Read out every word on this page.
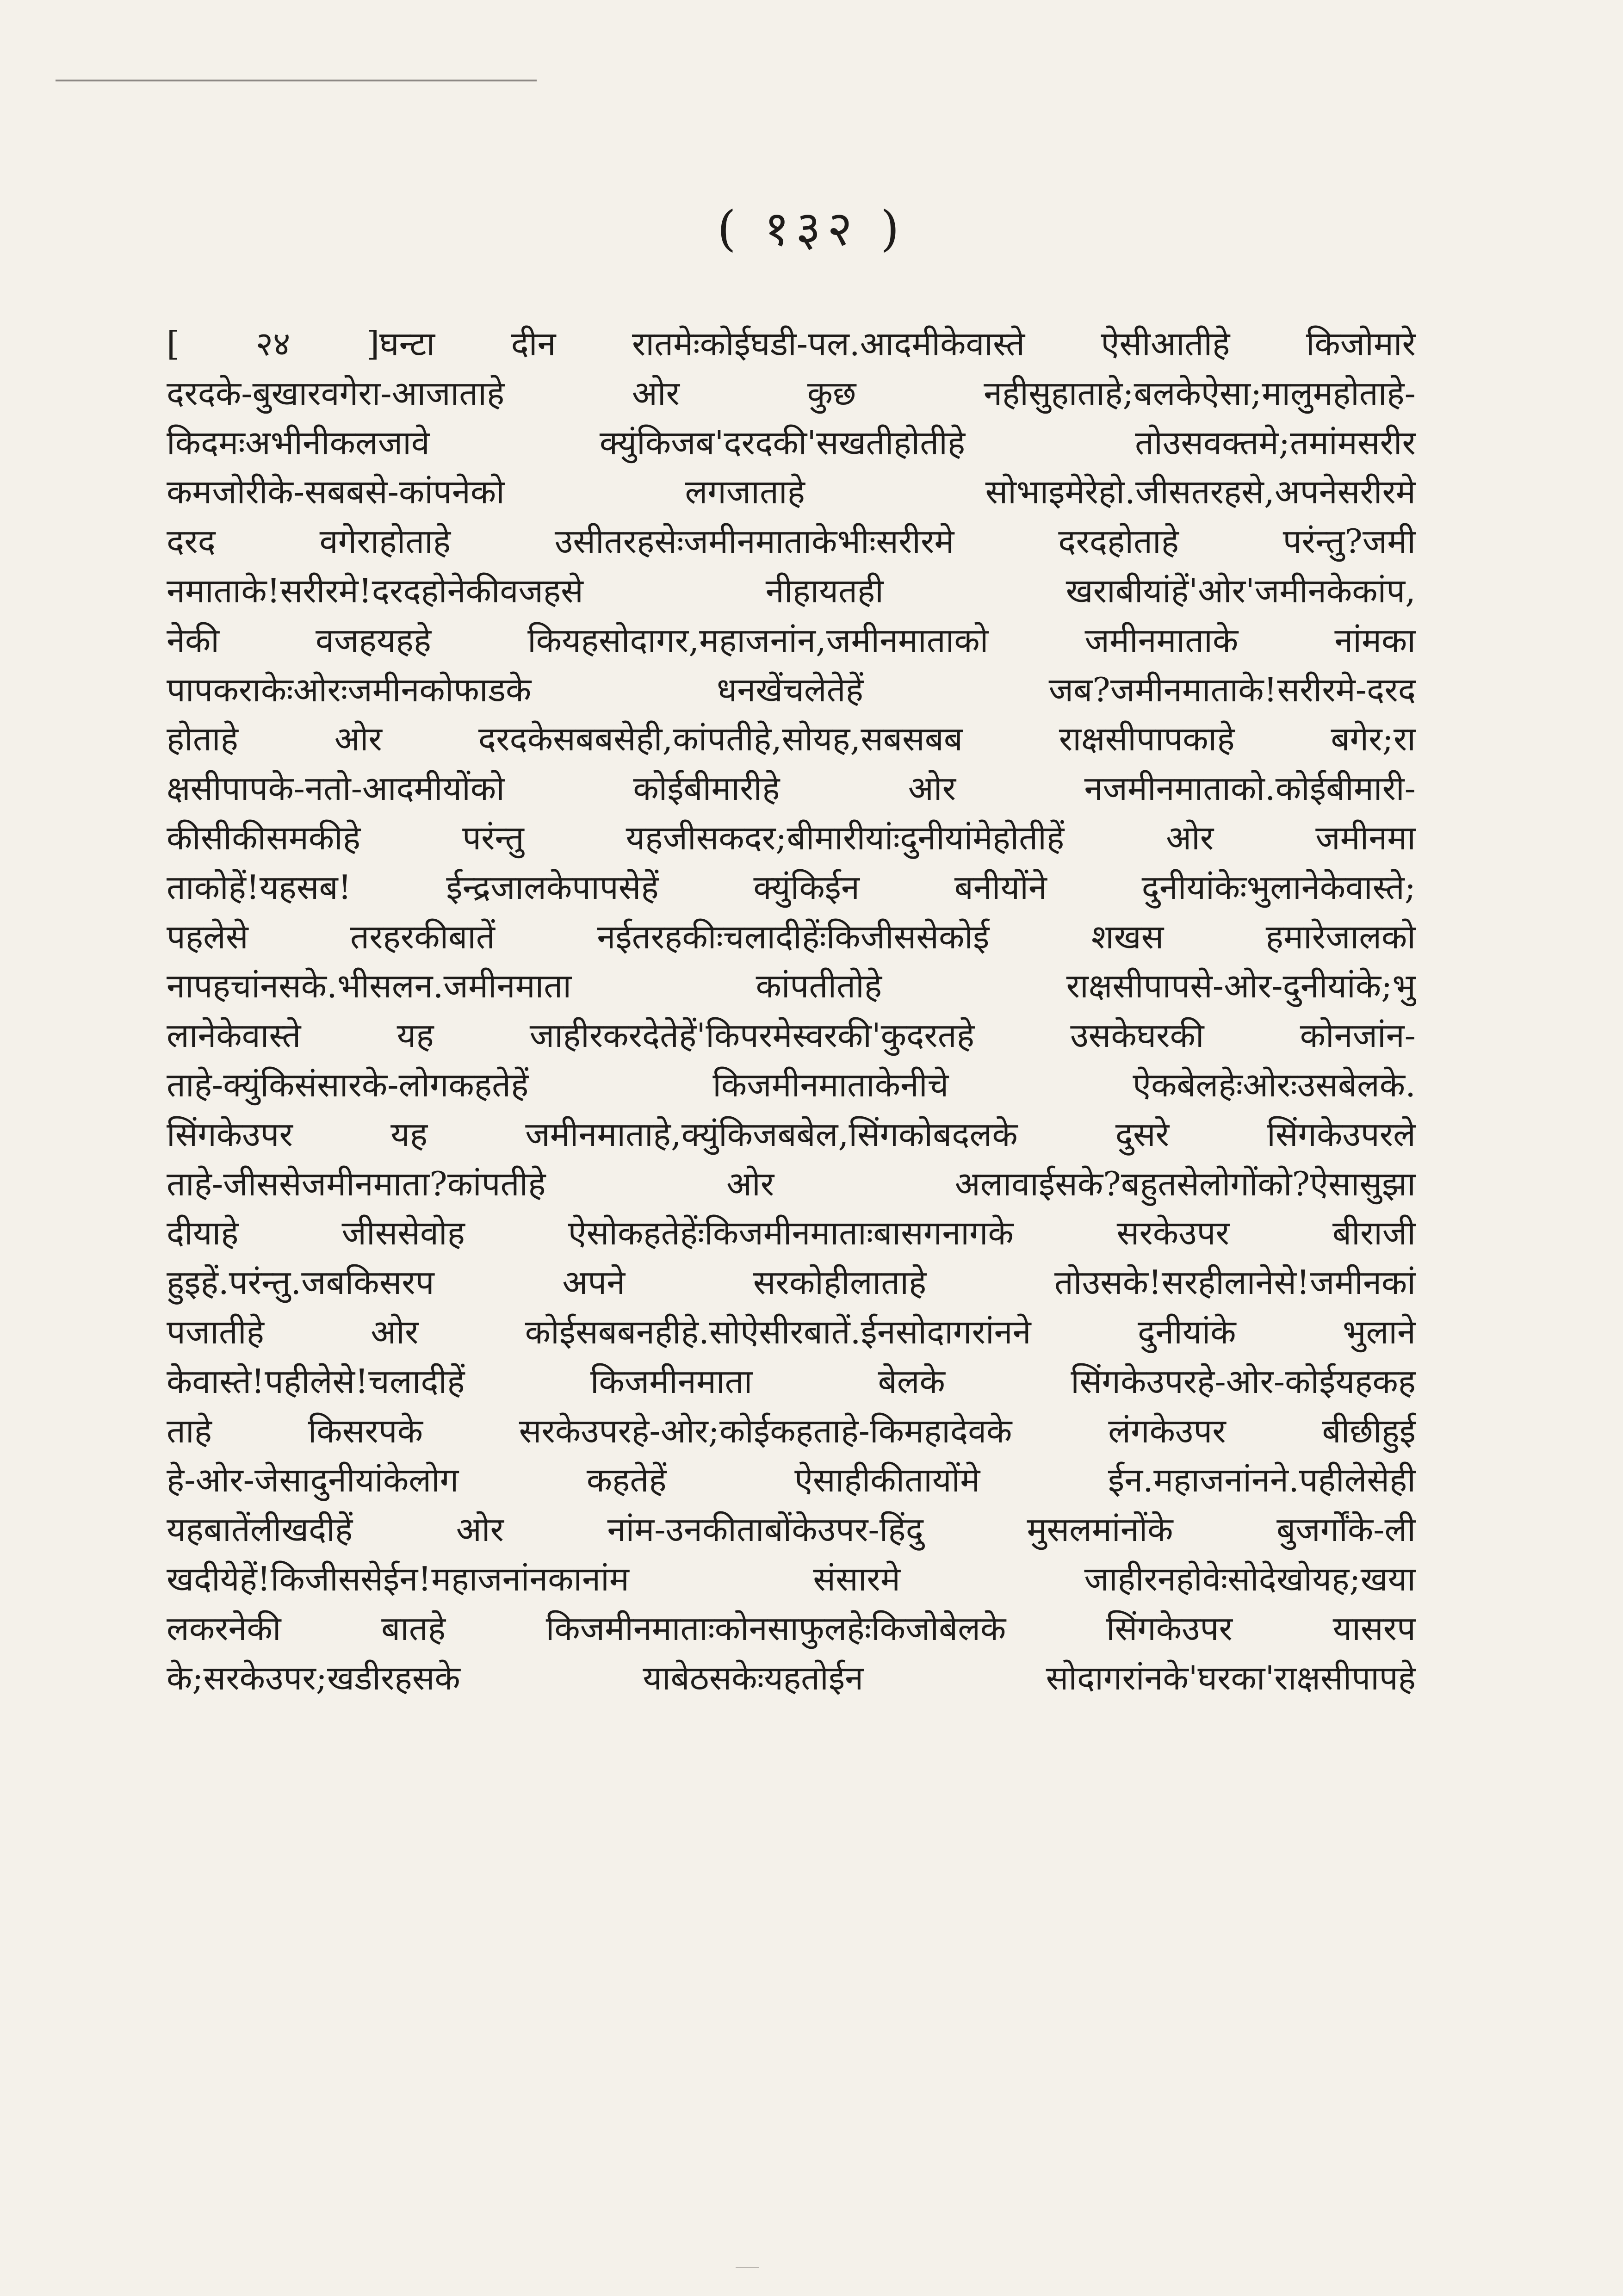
( १३२ )
[ २४ ]घन्टा दीन रातमेःकोईघडी-पल.आदमीकेवास्ते ऐसीआतीहे किजोमारे
दरदके-बुखारवगेरा-आजाताहे ओर कुछ नहीसुहाताहे;बलकेऐसा;मालुमहोताहे-
किदमःअभीनीकलजावे क्युंकिजब'दरदकी'सखतीहोतीहे तोउसवक्तमे;तमांमसरीर
कमजोरीके-सबबसे-कांपनेको लगजाताहे सोभाइमेरेहो.जीसतरहसे,अपनेसरीरमे
दरद वगेराहोताहे उसीतरहसेःजमीनमाताकेभीःसरीरमे दरदहोताहे परंन्तु?जमी
नमाताके!सरीरमे!दरदहोनेकीवजहसे नीहायतही खराबीयांहें'ओर'जमीनकेकांप,
नेकी वजहयहहे कियहसोदागर,महाजनांन,जमीनमाताको जमीनमाताके नांमका
पापकराकेःओरःजमीनकोफाडके धनखेंचलेतेहें जब?जमीनमाताके!सरीरमे-दरद
होताहे ओर दरदकेसबबसेही,कांपतीहे,सोयह,सबसबब राक्षसीपापकाहे बगेर;रा
क्षसीपापके-नतो-आदमीयोंको कोईबीमारीहे ओर नजमीनमाताको.कोईबीमारी-
कीसीकीसमकीहे परंन्तु यहजीसकदर;बीमारीयांःदुनीयांमेहोतीहें ओर जमीनमा
ताकोहें!यहसब! ईन्द्रजालकेपापसेहें क्युंकिईन बनीयोंने दुनीयांकेःभुलानेकेवास्ते;
पहलेसे तरहरकीबातें नईतरहकीःचलादीहेंःकिजीससेकोई शखस हमारेजालको
नापहचांनसके.भीसलन.जमीनमाता कांपतीतोहे राक्षसीपापसे-ओर-दुनीयांके;भु
लानेकेवास्ते यह जाहीरकरदेतेहें'किपरमेस्वरकी'कुदरतहे उसकेघरकी कोनजांन-
ताहे-क्युंकिसंसारके-लोगकहतेहें किजमीनमाताकेनीचे ऐकबेलहेःओरःउसबेलके.
सिंगकेउपर यह जमीनमाताहे,क्युंकिजबबेल,सिंगकोबदलके दुसरे सिंगकेउपरले
ताहे-जीससेजमीनमाता?कांपतीहे ओर अलावाईसके?बहुतसेलोगोंको?ऐसासुझा
दीयाहे जीससेवोह ऐसोकहतेहेंःकिजमीनमाताःबासगनागके सरकेउपर बीराजी
हुइहें.परंन्तु.जबकिसरप अपने सरकोहीलाताहे तोउसके!सरहीलानेसे!जमीनकां
पजातीहे ओर कोईसबबनहीहे.सोऐसीरबातें.ईनसोदागरांनने दुनीयांके भुलाने
केवास्ते!पहीलेसे!चलादीहें किजमीनमाता बेलके सिंगकेउपरहे-ओर-कोईयहकह
ताहे किसरपके सरकेउपरहे-ओर;कोईकहताहे-किमहादेवके लंगकेउपर बीछीहुई
हे-ओर-जेसादुनीयांकेलोग कहतेहें ऐसाहीकीतायोंमे ईन.महाजनांनने.पहीलेसेही
यहबातेंलीखदीहें ओर नांम-उनकीताबोंकेउपर-हिंदु मुसलमांनोंके बुजर्गोंके-ली
खदीयेहें!किजीससेईन!महाजनांनकानांम संसारमे जाहीरनहोवेःसोदेखोयह;खया
लकरनेकी बातहे किजमीनमाताःकोनसाफुलहेःकिजोबेलके सिंगकेउपर यासरप
के;सरकेउपर;खडीरहसके याबेठसकेःयहतोईन सोदागरांनके'घरका'राक्षसीपापहे
